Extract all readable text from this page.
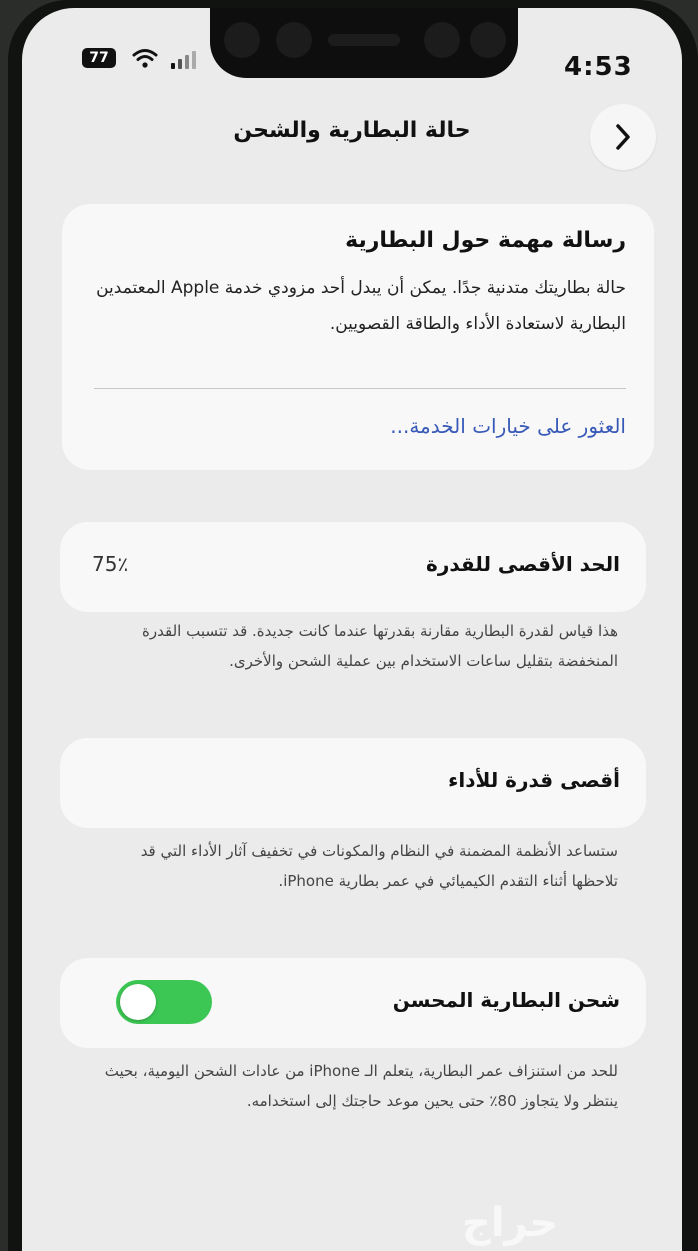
77	4:53
حالة البطارية والشحن
رسالة مهمة حول البطارية
حالة بطاريتك متدنية جدًا. يمكن أن يبدل أحد مزودي خدمة Apple المعتمدين البطارية لاستعادة الأداء والطاقة القصويين.
العثور على خيارات الخدمة...
الحد الأقصى للقدرة
75٪
هذا قياس لقدرة البطارية مقارنة بقدرتها عندما كانت جديدة. قد تتسبب القدرة المنخفضة بتقليل ساعات الاستخدام بين عملية الشحن والأخرى.
أقصى قدرة للأداء
ستساعد الأنظمة المضمنة في النظام والمكونات في تخفيف آثار الأداء التي قد تلاحظها أثناء التقدم الكيميائي في عمر بطارية iPhone.
شحن البطارية المحسن
للحد من استنزاف عمر البطارية، يتعلم الـ iPhone من عادات الشحن اليومية، بحيث ينتظر ولا يتجاوز 80٪ حتى يحين موعد حاجتك إلى استخدامه.
حراج
